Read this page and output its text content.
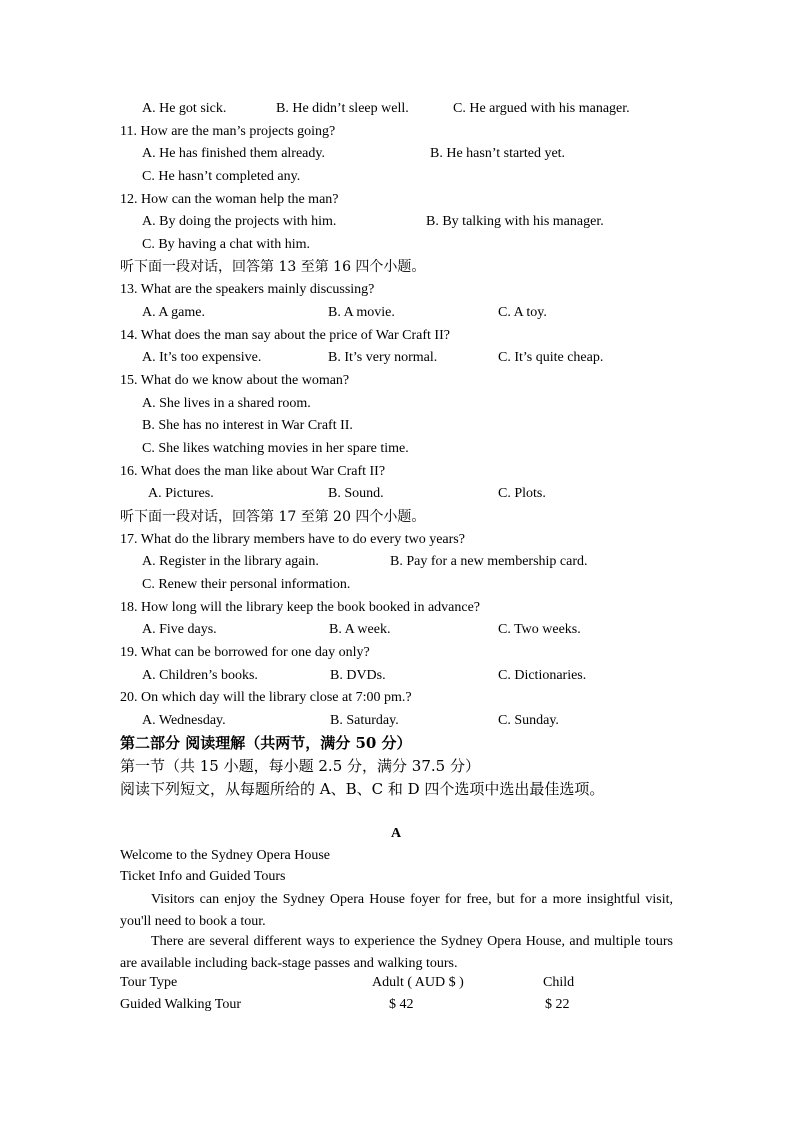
A. He got sick.	B. He didn’t sleep well.	C. He argued with his manager.
11. How are the man’s projects going?
A. He has finished them already.	B. He hasn’t started yet.
C. He hasn’t completed any.
12. How can the woman help the man?
A. By doing the projects with him.	B. By talking with his manager.
C. By having a chat with him.
听下面一段对话，回答第 13 至第 16 四个小题。
13. What are the speakers mainly discussing?
A. A game.	B. A movie.	C. A toy.
14. What does the man say about the price of War Craft II?
A. It’s too expensive.	B. It’s very normal.	C. It’s quite cheap.
15. What do we know about the woman?
A. She lives in a shared room.
B. She has no interest in War Craft II.
C. She likes watching movies in her spare time.
16. What does the man like about War Craft II?
A. Pictures.	B. Sound.	C. Plots.
听下面一段对话，回答第 17 至第 20 四个小题。
17. What do the library members have to do every two years?
A. Register in the library again.	B. Pay for a new membership card.
C. Renew their personal information.
18. How long will the library keep the book booked in advance?
A. Five days.	B. A week.	C. Two weeks.
19. What can be borrowed for one day only?
A. Children’s books.	B. DVDs.	C. Dictionaries.
20. On which day will the library close at 7:00 pm.?
A. Wednesday.	B. Saturday.	C. Sunday.
第二部分 阅读理解（共两节，满分 50 分）
第一节（共 15 小题，每小题 2.5 分，满分 37.5 分）
阅读下列短文，从每题所给的 A、B、C 和 D 四个选项中选出最佳选项。
A
Welcome to the Sydney Opera House
Ticket Info and Guided Tours
Visitors can enjoy the Sydney Opera House foyer for free, but for a more insightful visit, you'll need to book a tour.
There are several different ways to experience the Sydney Opera House, and multiple tours are available including back-stage passes and walking tours.
Tour Type	Adult ( AUD $ )	Child
Guided Walking Tour	$ 42	$ 22
